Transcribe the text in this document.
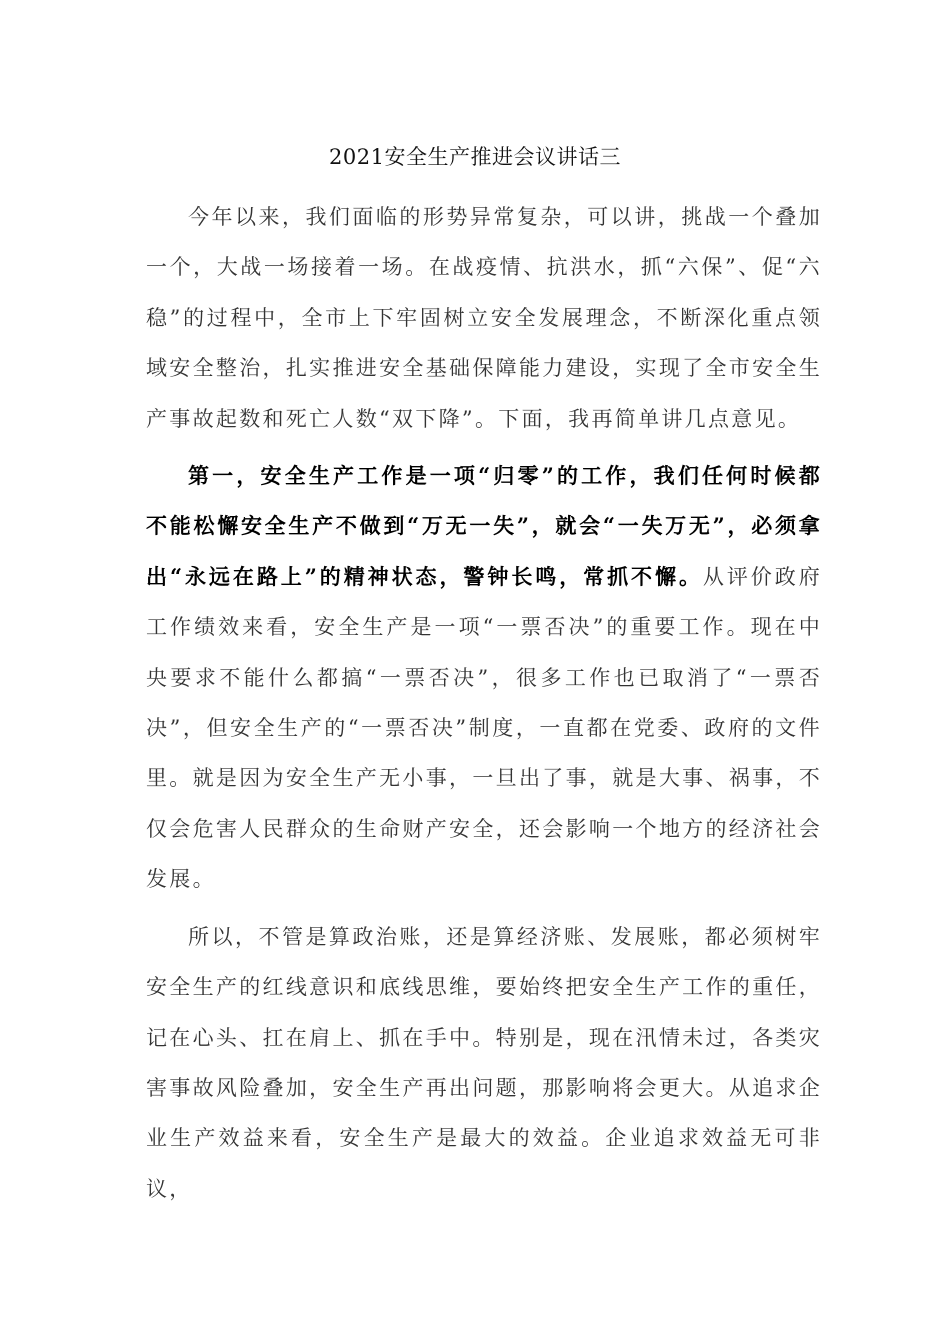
2021安全生产推进会议讲话三

今年以来，我们面临的形势异常复杂，可以讲，挑战一个叠加一个，大战一场接着一场。在战疫情、抗洪水，抓“六保”、促“六稳”的过程中，全市上下牢固树立安全发展理念，不断深化重点领域安全整治，扎实推进安全基础保障能力建设，实现了全市安全生产事故起数和死亡人数“双下降”。下面，我再简单讲几点意见。

第一，安全生产工作是一项“归零”的工作，我们任何时候都不能松懈安全生产不做到“万无一失”，就会“一失万无”，必须拿出“永远在路上”的精神状态，警钟长鸣，常抓不懈。从评价政府工作绩效来看，安全生产是一项“一票否决”的重要工作。现在中央要求不能什么都搞“一票否决”，很多工作也已取消了“一票否决”，但安全生产的“一票否决”制度，一直都在党委、政府的文件里。就是因为安全生产无小事，一旦出了事，就是大事、祸事，不仅会危害人民群众的生命财产安全，还会影响一个地方的经济社会发展。

所以，不管是算政治账，还是算经济账、发展账，都必须树牢安全生产的红线意识和底线思维，要始终把安全生产工作的重任，记在心头、扛在肩上、抓在手中。特别是，现在汛情未过，各类灾害事故风险叠加，安全生产再出问题，那影响将会更大。从追求企业生产效益来看，安全生产是最大的效益。企业追求效益无可非议，
